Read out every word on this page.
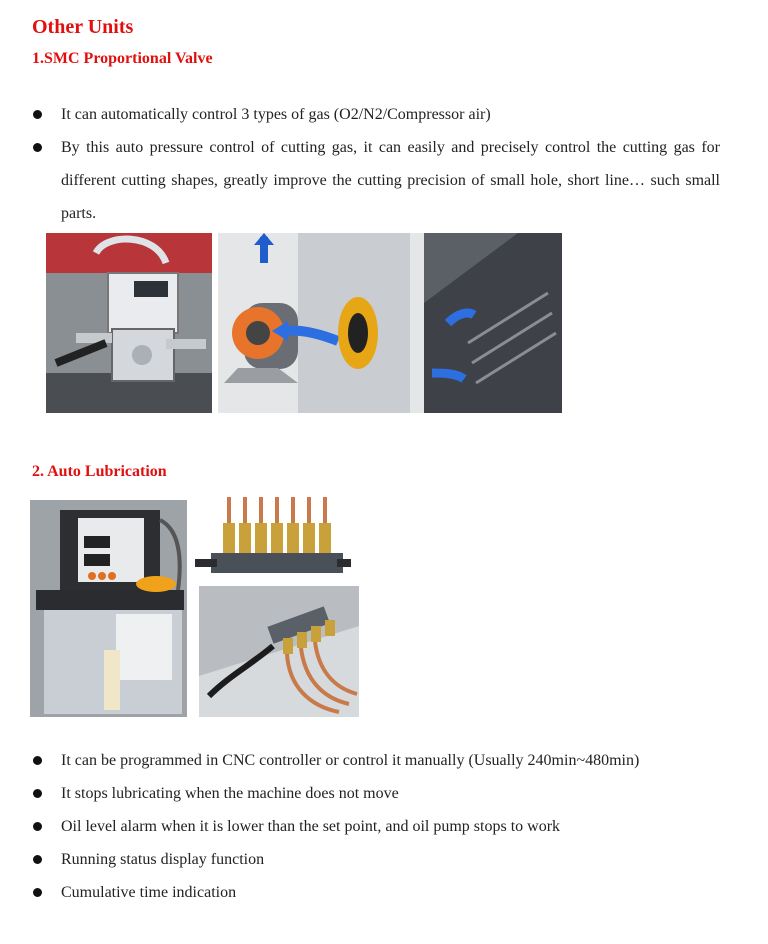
Other Units
1.SMC Proportional Valve
It can automatically control 3 types of gas (O2/N2/Compressor air)
By this auto pressure control of cutting gas, it can easily and precisely control the cutting gas for different cutting shapes, greatly improve the cutting precision of small hole, short line… such small parts.
2. Auto Lubrication
It can be programmed in CNC controller or control it manually (Usually 240min~480min)
It stops lubricating when the machine does not move
Oil level alarm when it is lower than the set point, and oil pump stops to work
Running status display function
Cumulative time indication
